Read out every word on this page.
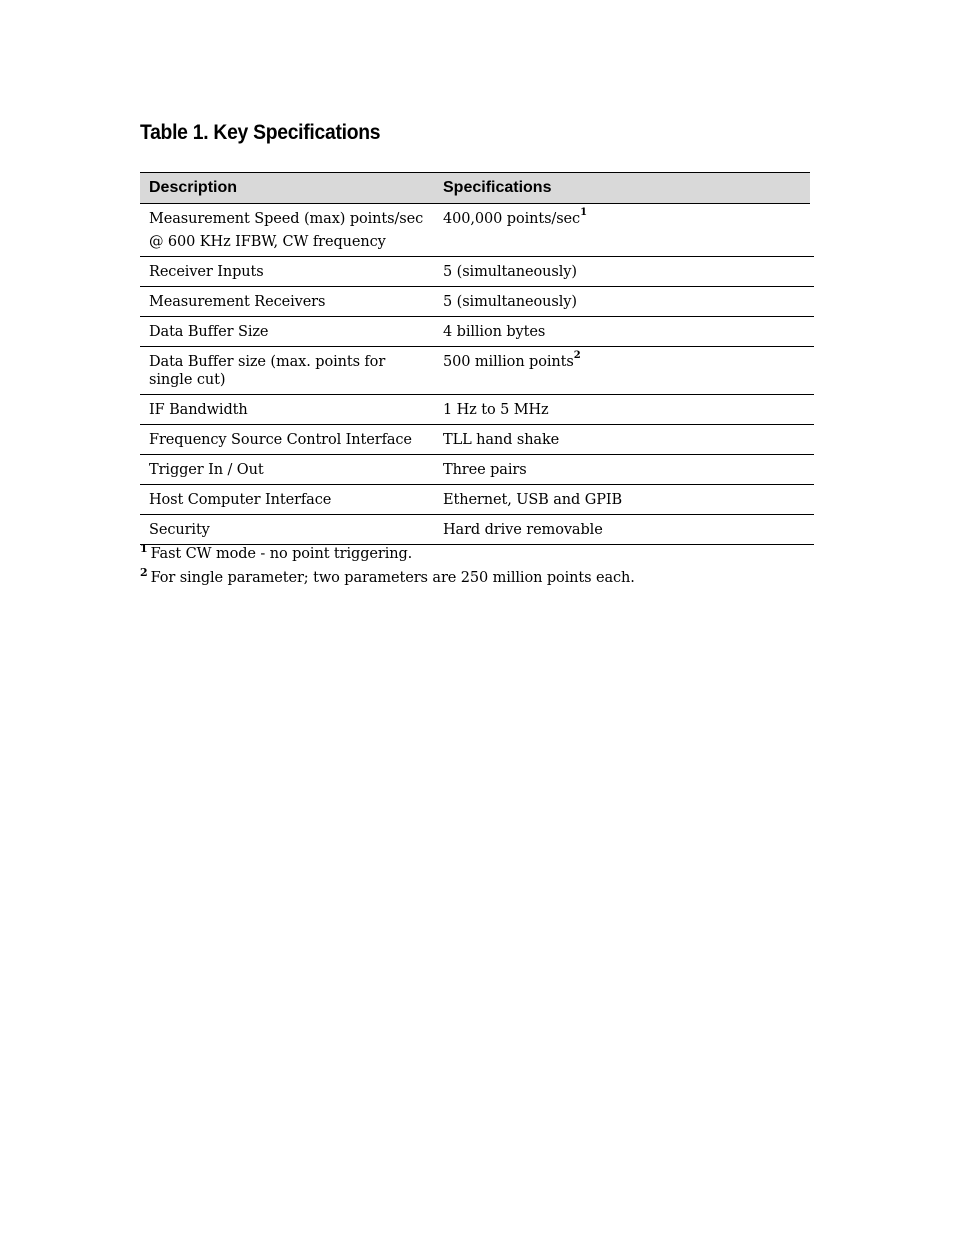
Table 1. Key Specifications
Description	Specifications
Measurement Speed (max) points/sec
@ 600 KHz IFBW, CW frequency	400,000 points/sec$^1$
Receiver Inputs	5 (simultaneously)
Measurement Receivers	5 (simultaneously)
Data Buffer Size	4 billion bytes
Data Buffer size (max. points for single cut)	500 million points$^2$
IF Bandwidth	1 Hz to 5 MHz
Frequency Source Control Interface	TLL hand shake
Trigger In / Out	Three pairs
Host Computer Interface	Ethernet, USB and GPIB
Security	Hard drive removable
$^1$ Fast CW mode - no point triggering.
$^2$ For single parameter; two parameters are 250 million points each.
